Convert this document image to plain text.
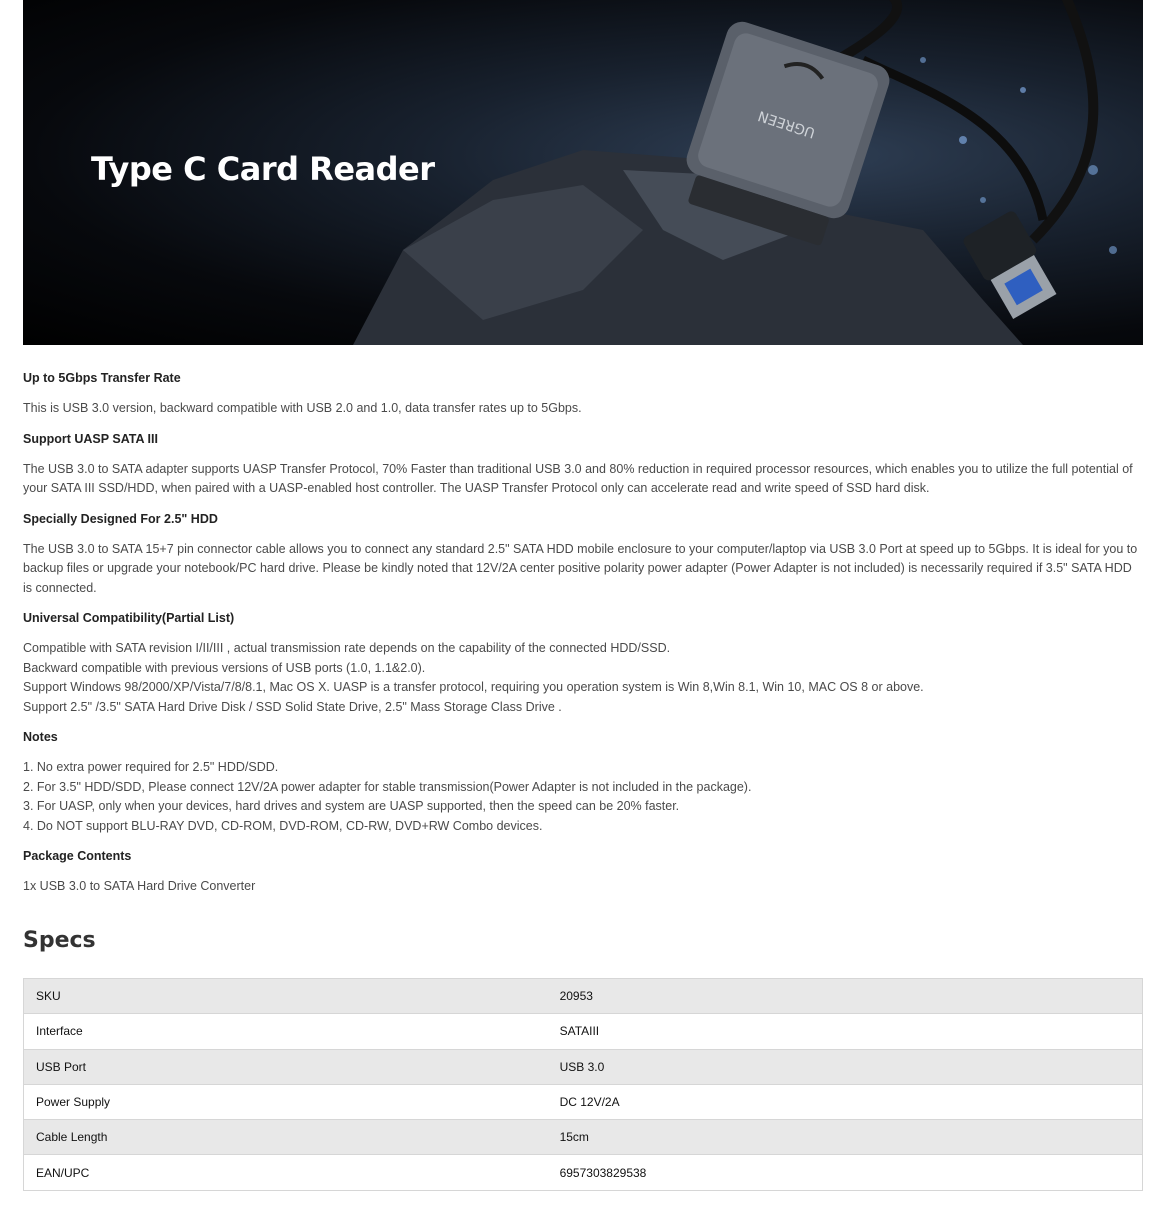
UGREEN
Type C Card Reader
Up to 5Gbps Transfer Rate
This is USB 3.0 version, backward compatible with USB 2.0 and 1.0, data transfer rates up to 5Gbps.
Support UASP SATA III
The USB 3.0 to SATA adapter supports UASP Transfer Protocol, 70% Faster than traditional USB 3.0 and 80% reduction in required processor resources, which enables you to utilize the full potential of your SATA III SSD/HDD, when paired with a UASP-enabled host controller. The UASP Transfer Protocol only can accelerate read and write speed of SSD hard disk.
Specially Designed For 2.5" HDD
The USB 3.0 to SATA 15+7 pin connector cable allows you to connect any standard 2.5" SATA HDD mobile enclosure to your computer/laptop via USB 3.0 Port at speed up to 5Gbps. It is ideal for you to backup files or upgrade your notebook/PC hard drive. Please be kindly noted that 12V/2A center positive polarity power adapter (Power Adapter is not included) is necessarily required if 3.5" SATA HDD is connected.
Universal Compatibility(Partial List)
Compatible with SATA revision I/II/III , actual transmission rate depends on the capability of the connected HDD/SSD.
Backward compatible with previous versions of USB ports (1.0, 1.1&2.0).
Support Windows 98/2000/XP/Vista/7/8/8.1, Mac OS X. UASP is a transfer protocol, requiring you operation system is Win 8,Win 8.1, Win 10, MAC OS 8 or above.
Support 2.5" /3.5" SATA Hard Drive Disk / SSD Solid State Drive, 2.5" Mass Storage Class Drive .
Notes
1. No extra power required for 2.5" HDD/SDD.
2. For 3.5" HDD/SDD, Please connect 12V/2A power adapter for stable transmission(Power Adapter is not included in the package).
3. For UASP, only when your devices, hard drives and system are UASP supported, then the speed can be 20% faster.
4. Do NOT support BLU-RAY DVD, CD-ROM, DVD-ROM, CD-RW, DVD+RW Combo devices.
Package Contents
1x USB 3.0 to SATA Hard Drive Converter
Specs
SKU	20953
Interface	SATAIII
USB Port	USB 3.0
Power Supply	DC 12V/2A
Cable Length	15cm
EAN/UPC	6957303829538
